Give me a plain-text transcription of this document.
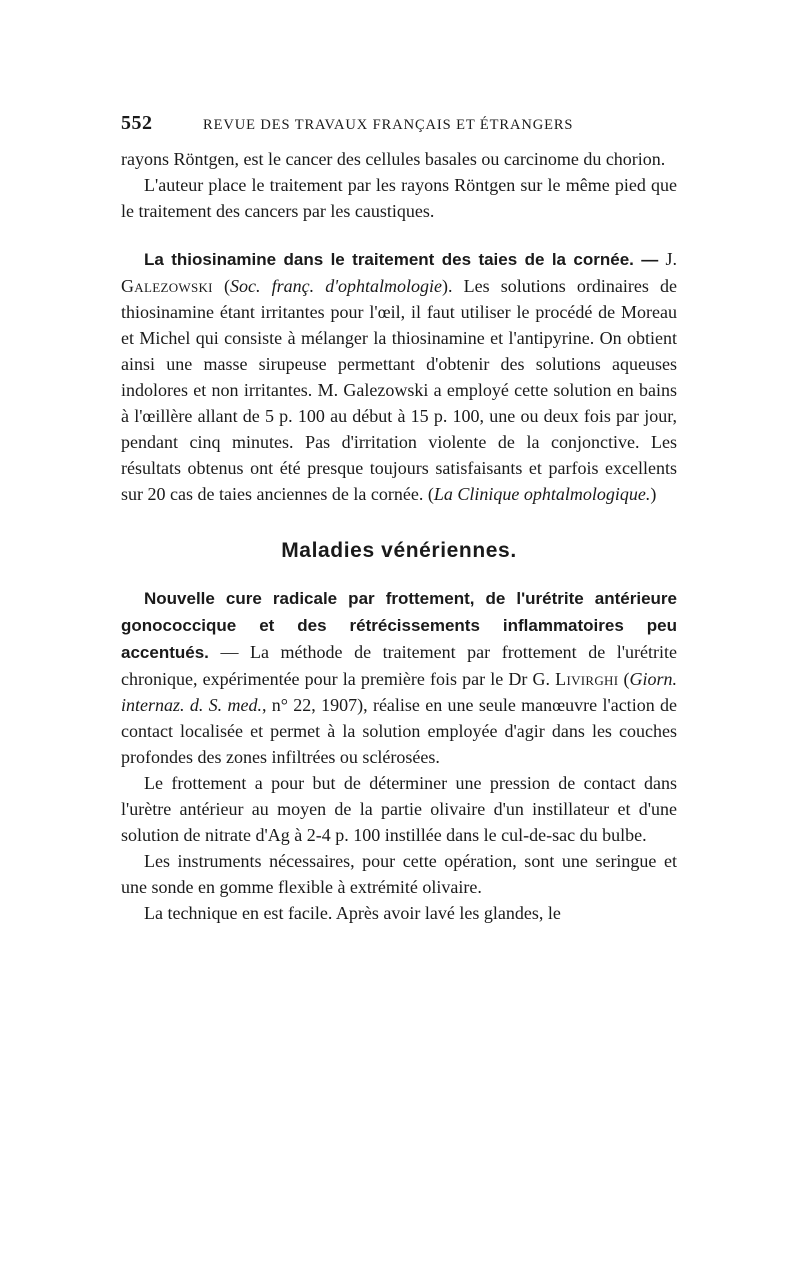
552	REVUE DES TRAVAUX FRANÇAIS ET ÉTRANGERS

rayons Röntgen, est le cancer des cellules basales ou carcinome du chorion.

L'auteur place le traitement par les rayons Röntgen sur le même pied que le traitement des cancers par les caustiques.

La thiosinamine dans le traitement des taies de la cornée. — J. Galezowski (Soc. franç. d'ophtalmologie). Les solutions ordinaires de thiosinamine étant irritantes pour l'œil, il faut utiliser le procédé de Moreau et Michel qui consiste à mélanger la thiosinamine et l'antipyrine. On obtient ainsi une masse sirupeuse permettant d'obtenir des solutions aqueuses indolores et non irritantes. M. Galezowski a employé cette solution en bains à l'œillère allant de 5 p. 100 au début à 15 p. 100, une ou deux fois par jour, pendant cinq minutes. Pas d'irritation violente de la conjonctive. Les résultats obtenus ont été presque toujours satisfaisants et parfois excellents sur 20 cas de taies anciennes de la cornée. (La Clinique ophtalmologique.)

Maladies vénériennes.

Nouvelle cure radicale par frottement, de l'urétrite antérieure gonococcique et des rétrécissements inflammatoires peu accentués. — La méthode de traitement par frottement de l'urétrite chronique, expérimentée pour la première fois par le Dr G. Livirghi (Giorn. internaz. d. S. med., n° 22, 1907), réalise en une seule manœuvre l'action de contact localisée et permet à la solution employée d'agir dans les couches profondes des zones infiltrées ou sclérosées.

Le frottement a pour but de déterminer une pression de contact dans l'urètre antérieur au moyen de la partie olivaire d'un instillateur et d'une solution de nitrate d'Ag à 2-4 p. 100 instillée dans le cul-de-sac du bulbe.

Les instruments nécessaires, pour cette opération, sont une seringue et une sonde en gomme flexible à extrémité olivaire.

La technique en est facile. Après avoir lavé les glandes, le
